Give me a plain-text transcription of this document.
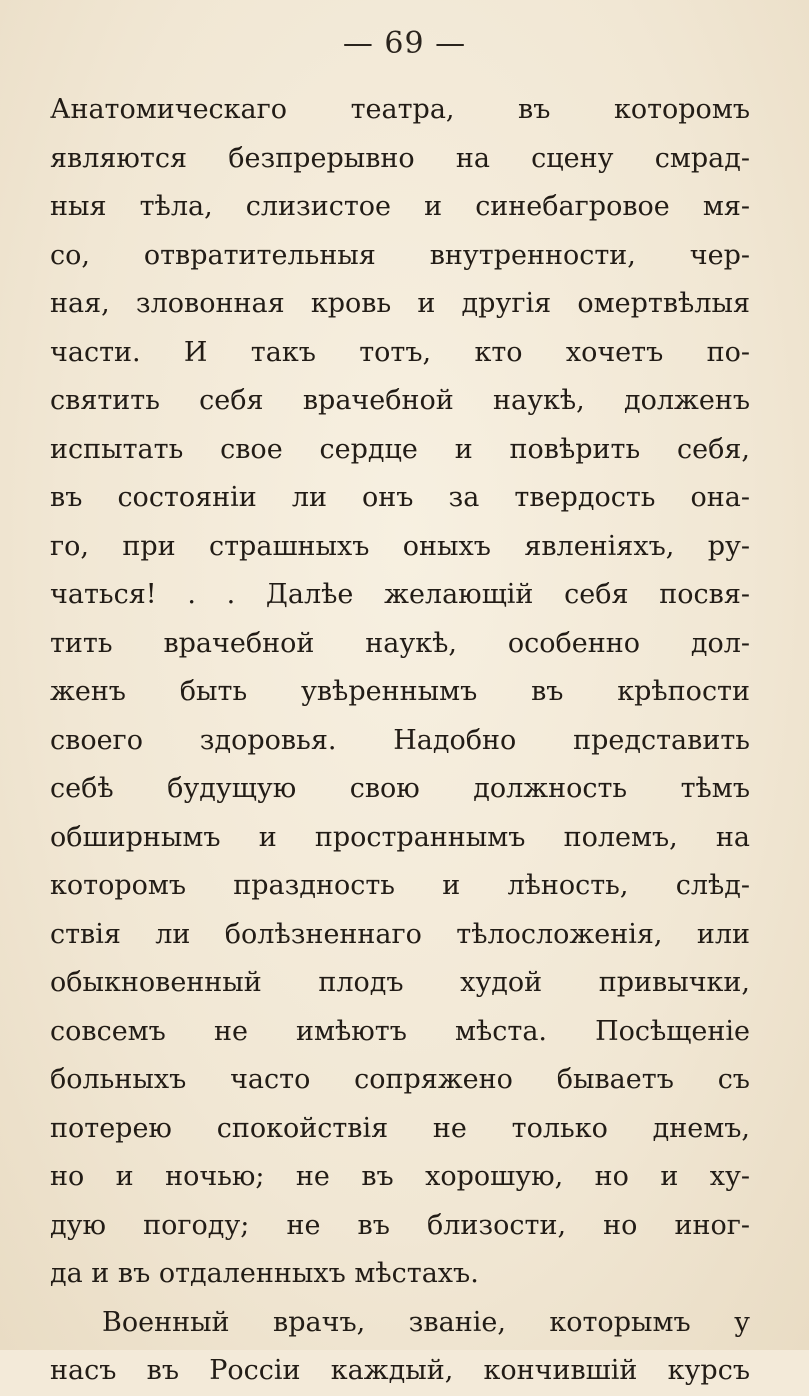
— 69 —
Анатомическаго театра, въ которомъ
являются безпрерывно на сцену смрад-
ныя тѣла, слизистое и синебагровое мя-
со, отвратительныя внутренности, чер-
ная, зловонная кровь и другія омертвѣлыя
части. И такъ тотъ, кто хочетъ по-
святить себя врачебной наукѣ, долженъ
испытать свое сердце и повѣрить себя,
въ состояніи ли онъ за твердость она-
го, при страшныхъ оныхъ явленіяхъ, ру-
чаться! . . Далѣе желающій себя посвя-
тить врачебной наукѣ, особенно дол-
женъ быть увѣреннымъ въ крѣпости
своего здоровья. Надобно представить
себѣ будущую свою должность тѣмъ
обширнымъ и пространнымъ полемъ, на
которомъ праздность и лѣность, слѣд-
ствія ли болѣзненнаго тѣлосложенія, или
обыкновенный плодъ худой привычки,
совсемъ не имѣютъ мѣста. Посѣщеніе
больныхъ часто сопряжено бываетъ съ
потерею спокойствія не только днемъ,
но и ночью; не въ хорошую, но и ху-
дую погоду; не въ близости, но иног-
да и въ отдаленныхъ мѣстахъ.
Военный врачъ, званіе, которымъ у
насъ въ Россіи каждый, кончившій курсъ
